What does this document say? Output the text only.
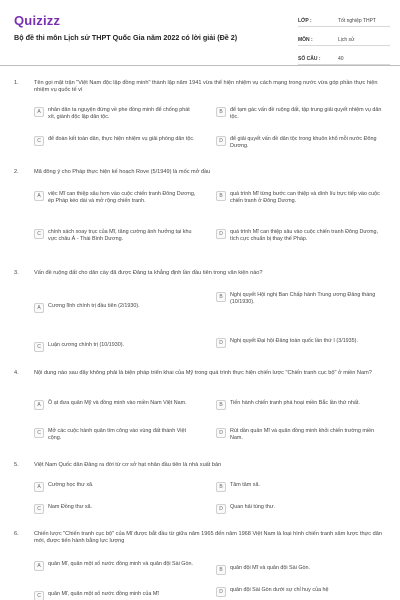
Quizizz
Bộ đề thi môn Lịch sử THPT Quốc Gia năm 2022 có lời giải (Đề 2)
LỚP :	Tốt nghiệp THPT
MÔN :	Lịch sử
SỐ CÂU :	40
1.	Tên gọi mặt trận "Việt Nam độc lập đồng minh" thành lập năm 1941 vừa thể hiện nhiệm vụ cách mạng trong nước vừa góp phần thực hiện nhiệm vụ quốc tế vì
A	nhân dân ta nguyện đứng về phe đồng minh để chống phát xít, giành độc lập dân tộc.
B	để tạm gác vấn đề ruộng đất, tập trung giải quyết nhiệm vụ dân tộc.
C	để đoàn kết toàn dân, thực hiện nhiệm vụ giải phóng dân tộc.	D	để giải quyết vấn đề dân tộc trong khuôn khổ mỗi nước Đông Dương.
2.	Mã đông ý cho Pháp thực hiện kế hoạch Rove (5/1949) là mốc mở đầu
A	việc Mĩ can thiệp sâu hơn vào cuộc chiến tranh Đông Dương, ép Pháp kéo dài và mở rộng chiến tranh.
B	quá trình Mĩ từng bước can thiệp và dính líu trực tiếp vào cuộc chiến tranh ở Đông Dương.
C	chính sách xoay trục của Mĩ, tăng cường ảnh hưởng tại khu vực châu Á - Thái Bình Dương.
D	quá trình Mĩ can thiệp sâu vào cuộc chiến tranh Đông Dương, tích cực chuẩn bị thay thế Pháp.
3.	Vấn đề ruộng đất cho dân cày đã được Đảng ta khẳng định lần đầu tiên trong văn kiện nào?
A	Cương lĩnh chính trị đầu tiên (2/1930).
B	Nghị quyết Hội nghị Ban Chấp hành Trung ương Đảng tháng (10/1930).
C	Luận cương chính trị (10/1930).	D	Nghị quyết Đại hội Đảng toàn quốc lần thứ I (3/1935).
4.	Nội dung nào sau đây không phải là biện pháp triển khai của Mỹ trong quá trình thực hiện chiến lược "Chiến tranh cục bộ" ở miền Nam?
A	Ồ ạt đưa quân Mỹ và đồng minh vào miền Nam Việt Nam.	B	Tiến hành chiến tranh phá hoại miền Bắc lần thứ nhất.
C	Mở các cuộc hành quân tìm công vào vùng đất thánh Việt cộng.
D	Rút dần quân Mĩ và quân đồng minh khỏi chiến trường miền Nam.
5.	Việt Nam Quốc dân Đảng ra đời từ cơ sở hạt nhân đầu tiên là nhà xuất bản
A	Cường học thư xã.	B	Tâm tâm xã.
C	Nam Đồng thư xã.	D	Quan hải tùng thư.
6.	Chiến lược "Chiến tranh cục bộ" của Mĩ được bắt đầu từ giữa năm 1965 đến năm 1968 Việt Nam là loại hình chiến tranh xâm lược thực dân mới, được tiến hành bằng lực lượng
A	quân Mĩ, quân một số nước đồng minh và quân đội Sài Gòn.
B	quân đội Mĩ và quân đội Sài Gòn.
C	quân Mĩ, quân một số nước đồng minh của Mĩ	D	quân đội Sài Gòn dưới sự chỉ huy của hệ
